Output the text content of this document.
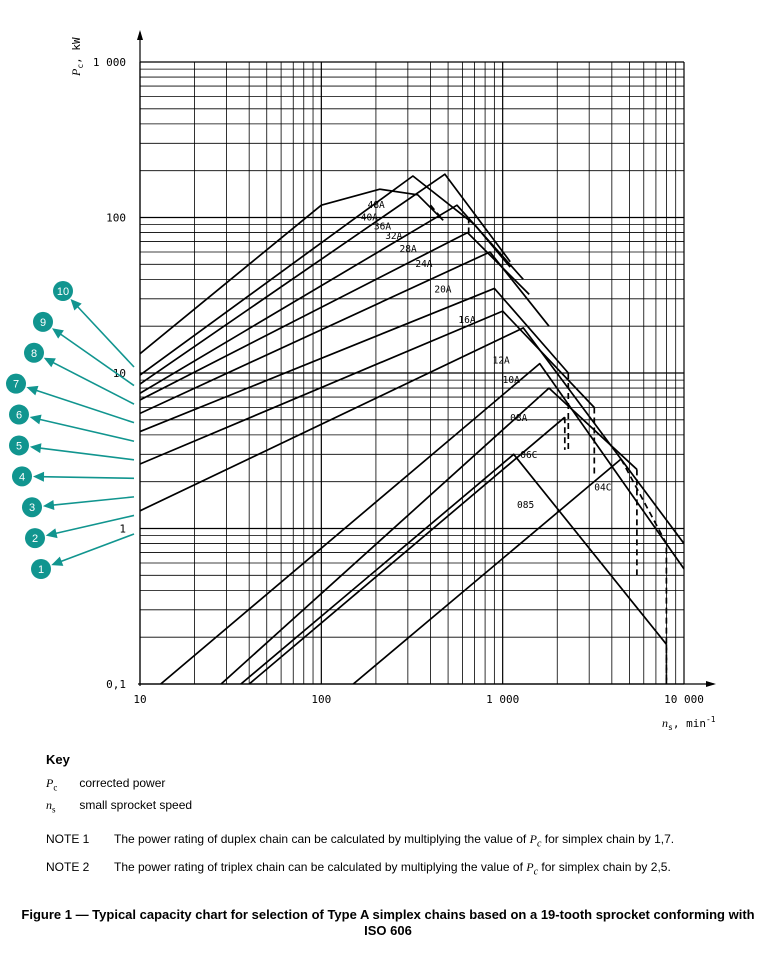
10	100	1 000	10 000
0,1
1
10
100
1 000
$P_c$, kW
$n_s$, $\min^{-1}$
48A
40A
36A
32A
28A
24A
20A
16A
12A
10A
08A
06C
04C
085
1
2
3
4
5
6
7
8
9
10
Key
$P_c$ corrected power
$n_s$ small sprocket speed
NOTE 1 The power rating of duplex chain can be calculated by multiplying the value of $P_c$ for simplex chain by 1,7.
NOTE 2 The power rating of triplex chain can be calculated by multiplying the value of $P_c$ for simplex chain by 2,5.
Figure 1 — Typical capacity chart for selection of Type A simplex chains based on a 19-tooth sprocket conforming with ISO 606
